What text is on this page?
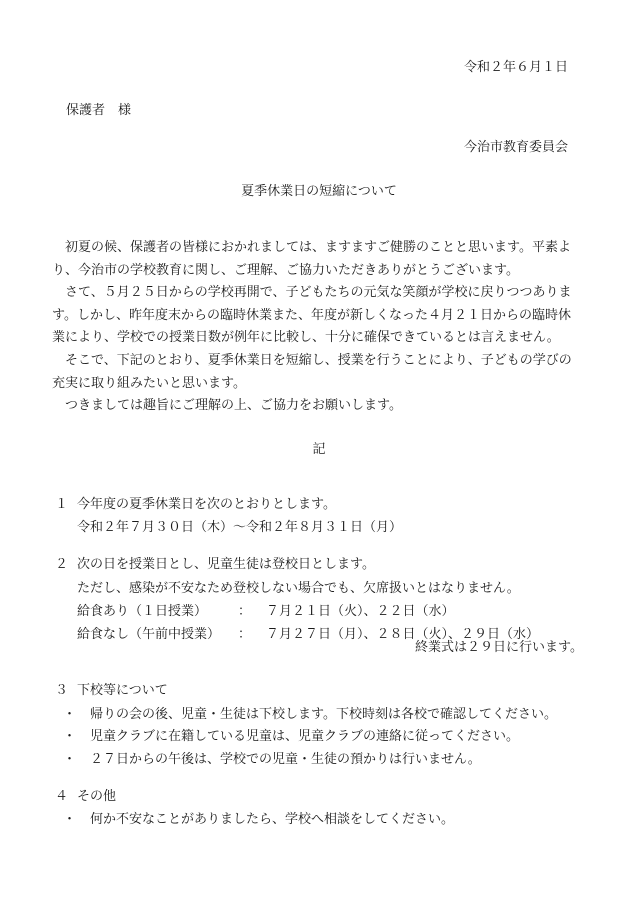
令和２年６月１日
保護者　様
今治市教育委員会
夏季休業日の短縮について

初夏の候、保護者の皆様におかれましては、ますますご健勝のことと思います。平素よ

り、今治市の学校教育に関し、ご理解、ご協力いただきありがとうございます。

さて、５月２５日からの学校再開で、子どもたちの元気な笑顔が学校に戻りつつありま

す。しかし、昨年度末からの臨時休業また、年度が新しくなった４月２１日からの臨時休

業により、学校での授業日数が例年に比較し、十分に確保できているとは言えません。

そこで、下記のとおり、夏季休業日を短縮し、授業を行うことにより、子どもの学びの

充実に取り組みたいと思います。

つきましては趣旨にご理解の上、ご協力をお願いします。

記
１ 今年度の夏季休業日を次のとおりとします。
令和２年７月３０日（木）～令和２年８月３１日（月）
２ 次の日を授業日とし、児童生徒は登校日とします。
ただし、感染が不安なため登校しない場合でも、欠席扱いとはなりません。
給食あり（１日授業） ： ７月２１日（火）、２２日（水）
給食なし（午前中授業） ： ７月２７日（月）、２８日（火）、２９日（水）
終業式は２９日に行います。
３ 下校等について
・ 帰りの会の後、児童・生徒は下校します。下校時刻は各校で確認してください。
・ 児童クラブに在籍している児童は、児童クラブの連絡に従ってください。
・ ２７日からの午後は、学校での児童・生徒の預かりは行いません。
４ その他
・ 何か不安なことがありましたら、学校へ相談をしてください。
